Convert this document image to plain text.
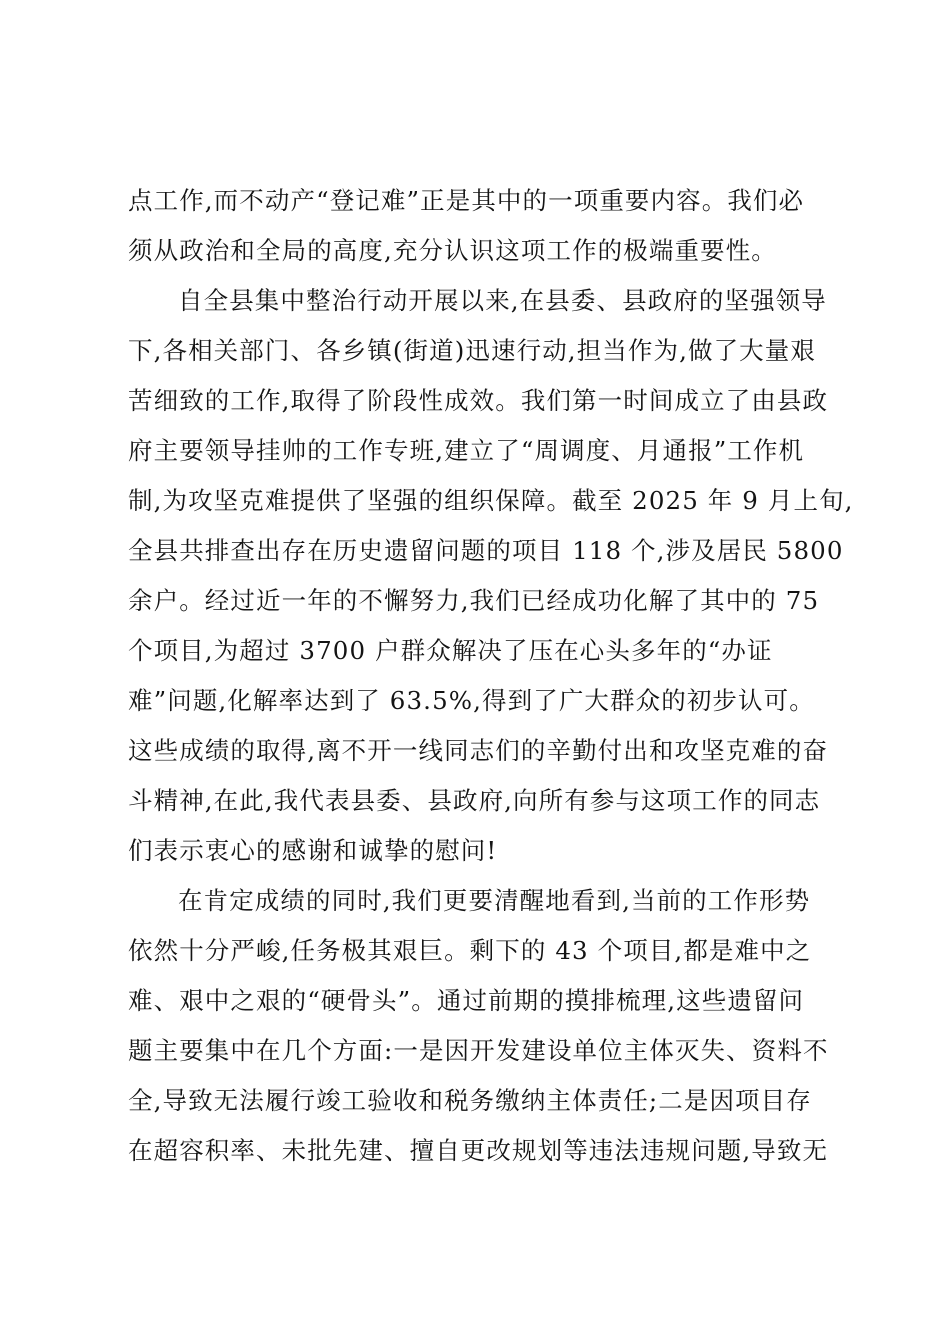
点工作,而不动产“登记难”正是其中的一项重要内容。我们必
须从政治和全局的高度,充分认识这项工作的极端重要性。
自全县集中整治行动开展以来,在县委、县政府的坚强领导
下,各相关部门、各乡镇(街道)迅速行动,担当作为,做了大量艰
苦细致的工作,取得了阶段性成效。我们第一时间成立了由县政
府主要领导挂帅的工作专班,建立了“周调度、月通报”工作机
制,为攻坚克难提供了坚强的组织保障。截至 2025 年 9 月上旬,
全县共排查出存在历史遗留问题的项目 118 个,涉及居民 5800
余户。经过近一年的不懈努力,我们已经成功化解了其中的 75
个项目,为超过 3700 户群众解决了压在心头多年的“办证
难”问题,化解率达到了 63.5%,得到了广大群众的初步认可。
这些成绩的取得,离不开一线同志们的辛勤付出和攻坚克难的奋
斗精神,在此,我代表县委、县政府,向所有参与这项工作的同志
们表示衷心的感谢和诚挚的慰问!
在肯定成绩的同时,我们更要清醒地看到,当前的工作形势
依然十分严峻,任务极其艰巨。剩下的 43 个项目,都是难中之
难、艰中之艰的“硬骨头”。通过前期的摸排梳理,这些遗留问
题主要集中在几个方面:一是因开发建设单位主体灭失、资料不
全,导致无法履行竣工验收和税务缴纳主体责任;二是因项目存
在超容积率、未批先建、擅自更改规划等违法违规问题,导致无
